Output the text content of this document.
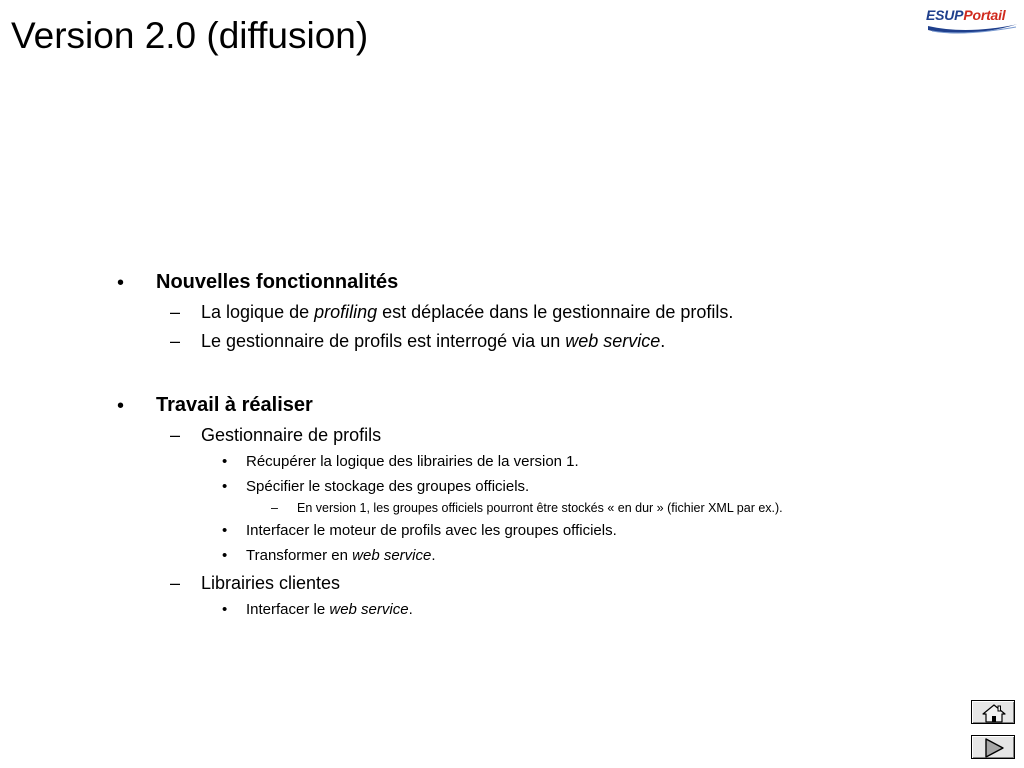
Version 2.0 (diffusion)	ESUPPortail
• Nouvelles fonctionnalités
– La logique de profiling est déplacée dans le gestionnaire de profils.
– Le gestionnaire de profils est interrogé via un web service.
• Travail à réaliser
– Gestionnaire de profils
• Récupérer la logique des librairies de la version 1.
• Spécifier le stockage des groupes officiels.
– En version 1, les groupes officiels pourront être stockés « en dur » (fichier XML par ex.).
• Interfacer le moteur de profils avec les groupes officiels.
• Transformer en web service.
– Librairies clientes
• Interfacer le web service.
